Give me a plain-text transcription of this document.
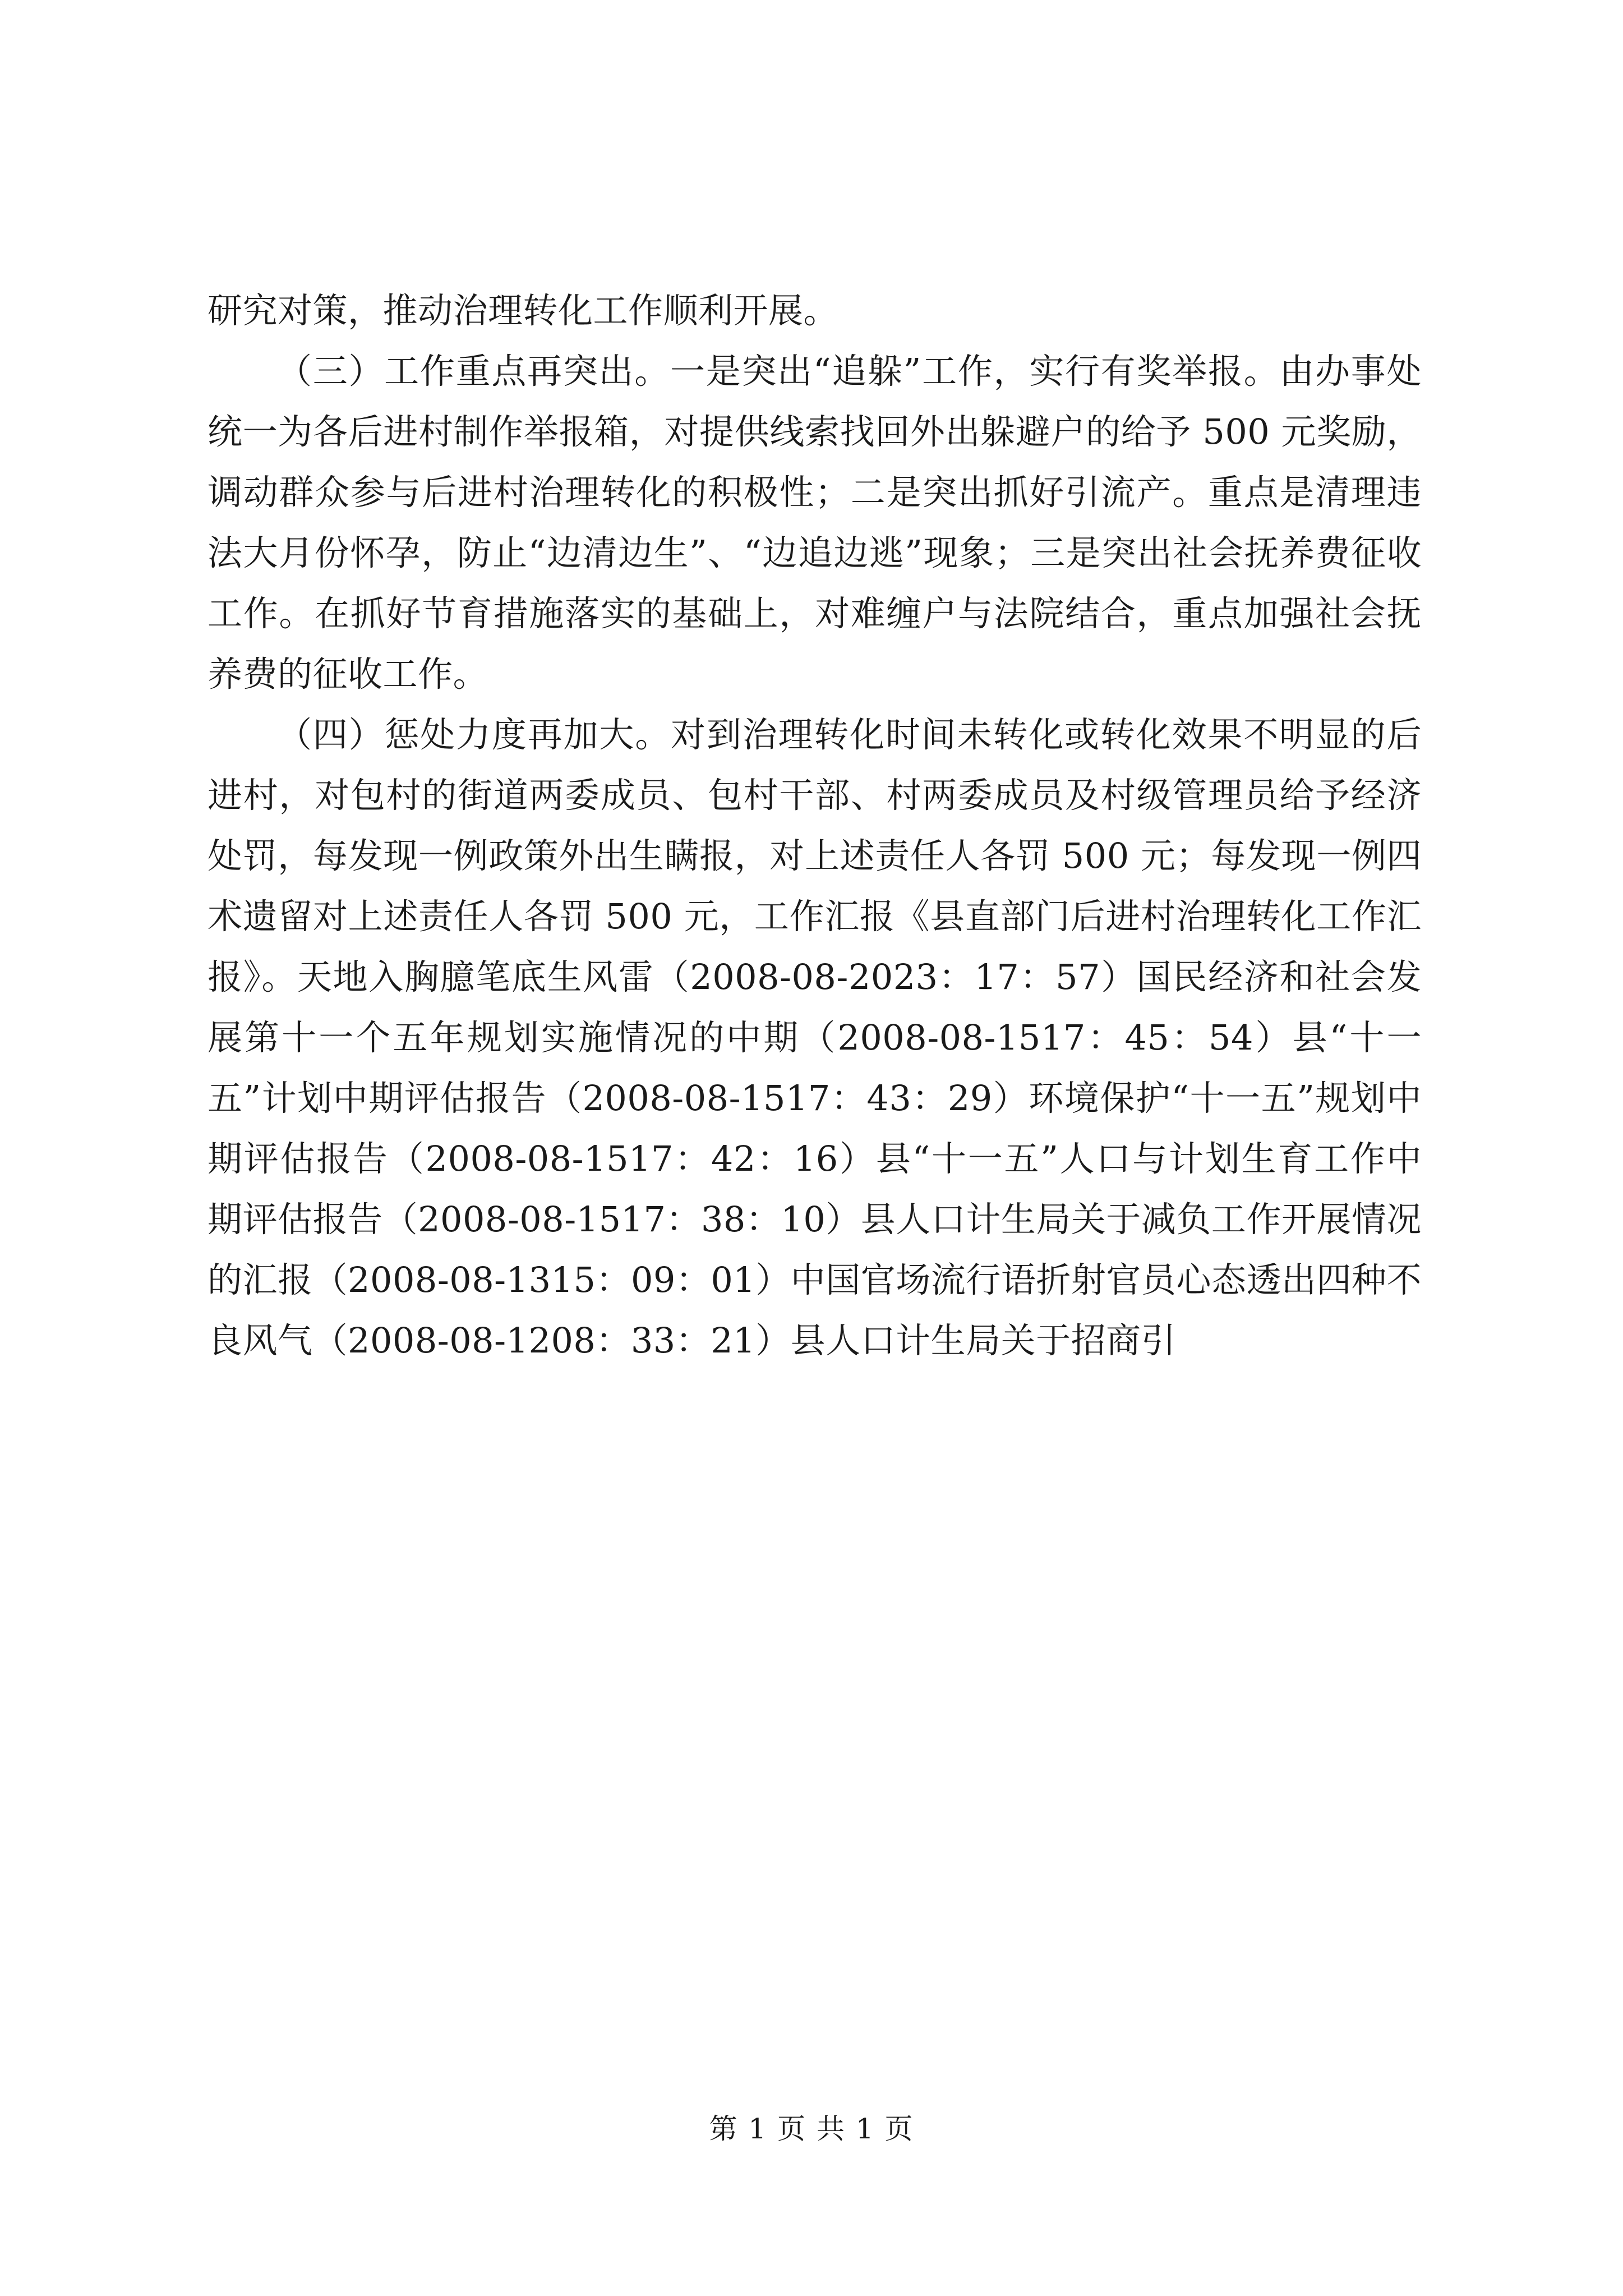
研究对策，推动治理转化工作顺利开展。

（三）工作重点再突出。一是突出“追躲”工作，实行有奖举报。由办事处统一为各后进村制作举报箱，对提供线索找回外出躲避户的给予 500 元奖励，调动群众参与后进村治理转化的积极性；二是突出抓好引流产。重点是清理违法大月份怀孕，防止“边清边生”、“边追边逃”现象；三是突出社会抚养费征收工作。在抓好节育措施落实的基础上，对难缠户与法院结合，重点加强社会抚养费的征收工作。

（四）惩处力度再加大。对到治理转化时间未转化或转化效果不明显的后进村，对包村的街道两委成员、包村干部、村两委成员及村级管理员给予经济处罚，每发现一例政策外出生瞒报，对上述责任人各罚 500 元；每发现一例四术遗留对上述责任人各罚 500 元，工作汇报《县直部门后进村治理转化工作汇报》。天地入胸臆笔底生风雷（2008-08-2023：17：57）国民经济和社会发展第十一个五年规划实施情况的中期（2008-08-1517：45：54）县“十一五”计划中期评估报告（2008-08-1517：43：29）环境保护“十一五”规划中期评估报告（2008-08-1517：42：16）县“十一五”人口与计划生育工作中期评估报告（2008-08-1517：38：10）县人口计生局关于减负工作开展情况的汇报（2008-08-1315：09：01）中国官场流行语折射官员心态透出四种不良风气（2008-08-1208：33：21）县人口计生局关于招商引

第 1 页 共 1 页
